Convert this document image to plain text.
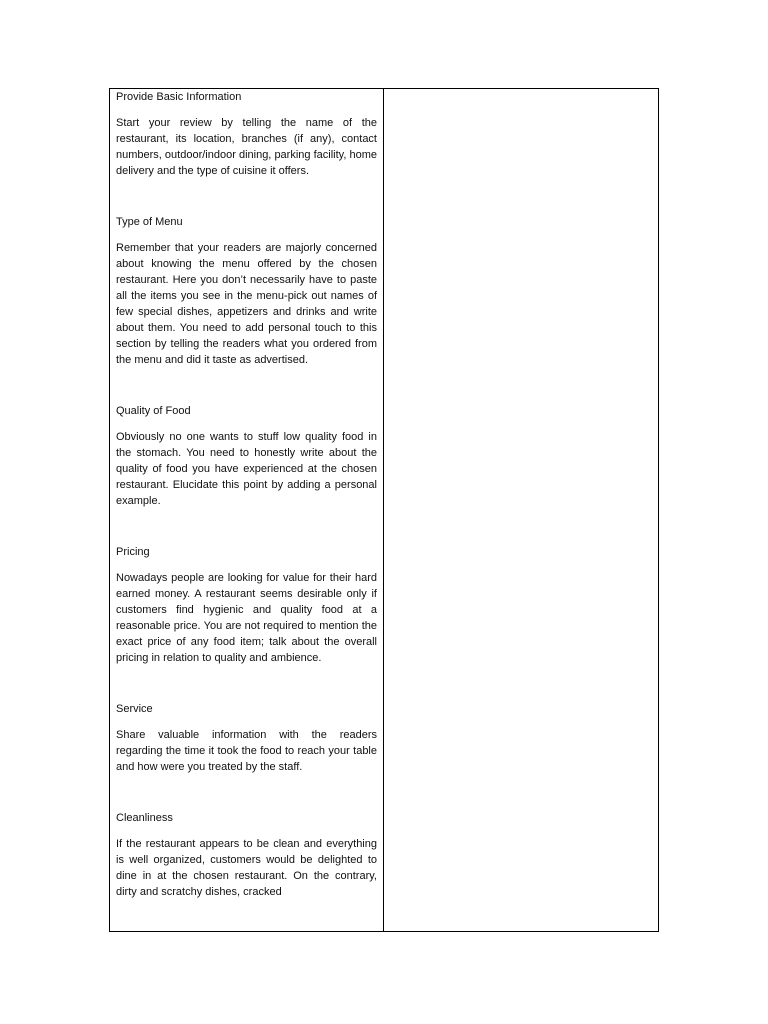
Provide Basic Information

Start your review by telling the name of the restaurant, its location, branches (if any), contact numbers, outdoor/indoor dining, parking facility, home delivery and the type of cuisine it offers.

Type of Menu

Remember that your readers are majorly concerned about knowing the menu offered by the chosen restaurant. Here you don’t necessarily have to paste all the items you see in the menu-pick out names of few special dishes, appetizers and drinks and write about them. You need to add personal touch to this section by telling the readers what you ordered from the menu and did it taste as advertised.

Quality of Food

Obviously no one wants to stuff low quality food in the stomach. You need to honestly write about the quality of food you have experienced at the chosen restaurant. Elucidate this point by adding a personal example.

Pricing

Nowadays people are looking for value for their hard earned money. A restaurant seems desirable only if customers find hygienic and quality food at a reasonable price. You are not required to mention the exact price of any food item; talk about the overall pricing in relation to quality and ambience.

Service

Share valuable information with the readers regarding the time it took the food to reach your table and how were you treated by the staff.

Cleanliness

If the restaurant appears to be clean and everything is well organized, customers would be delighted to dine in at the chosen restaurant. On the contrary, dirty and scratchy dishes, cracked
